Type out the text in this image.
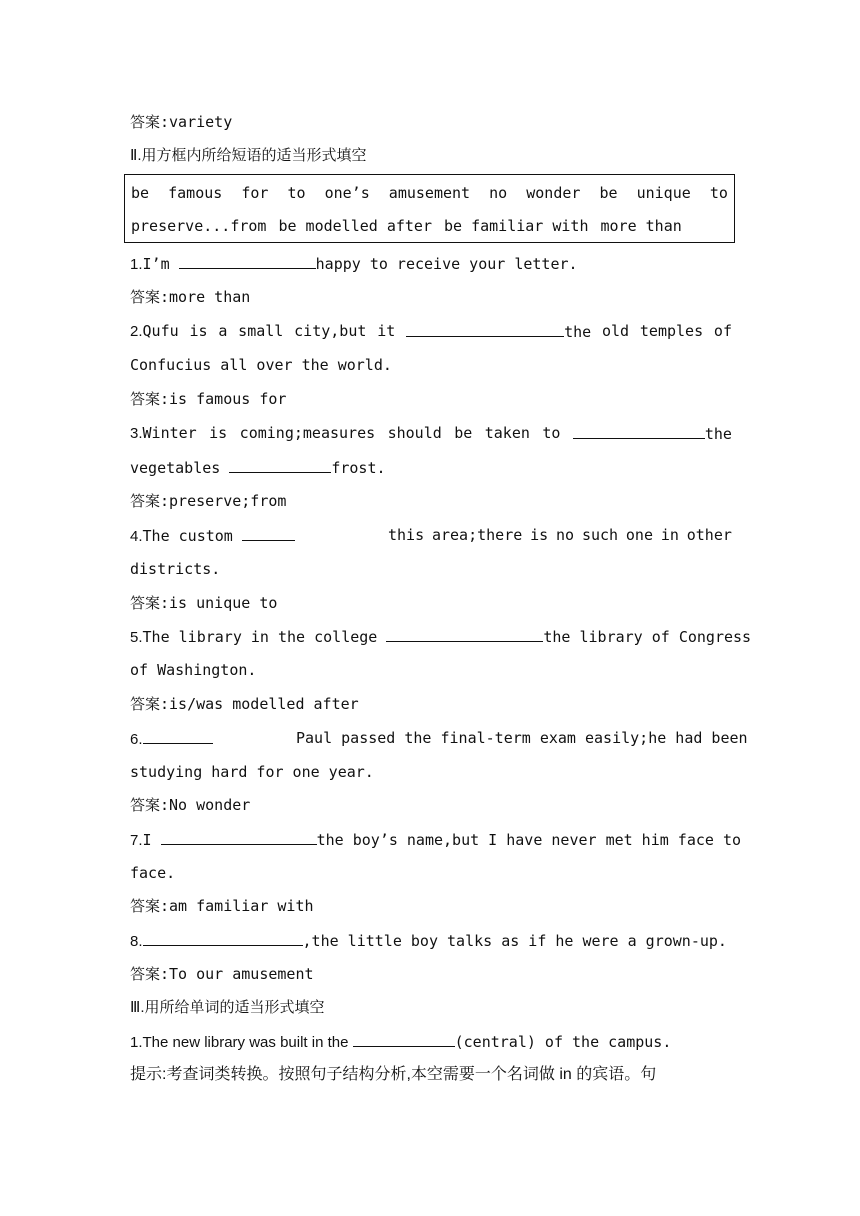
答案:variety
Ⅱ.用方框内所给短语的适当形式填空
be famous for to one’s amusement no wonder be unique to
preserve...from be modelled after be familiar with more than
1.I’m	happy to receive your letter.
答案:more than
2.Qufu is a small city,but it	the old temples of
Confucius all over the world.
答案:is famous for
3.Winter is coming;measures should be taken to	the
vegetables	frost.
答案:preserve;from
4.The custom	this area;there is no such one in other
districts.
答案:is unique to
5.The library in the college	the library of Congress
of Washington.
答案:is/was modelled after
6.	Paul passed the final-term exam easily;he had been
studying hard for one year.
答案:No wonder
7.I	the boy’s name,but I have never met him face to
face.
答案:am familiar with
8.	,the little boy talks as if he were a grown-up.
答案:To our amusement
Ⅲ.用所给单词的适当形式填空
1.The new library was built in the	(central) of the campus.
提示:考查词类转换。按照句子结构分析,本空需要一个名词做 in 的宾语。句
